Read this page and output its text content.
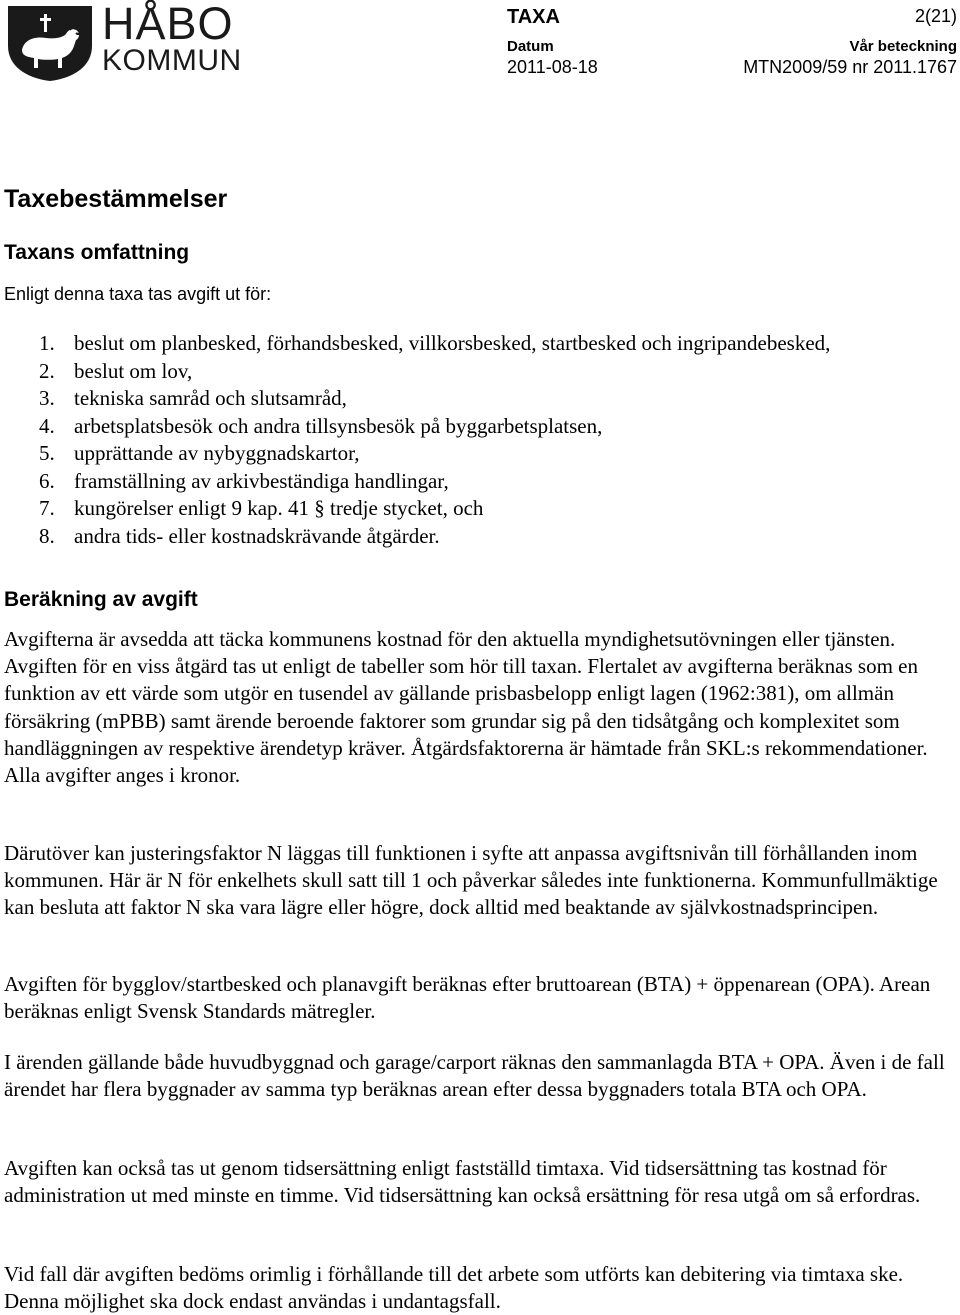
HÅBO
KOMMUN
TAXA	2(21)
Datum	Vår beteckning
2011-08-18	MTN2009/59 nr 2011.1767
Taxebestämmelser
Taxans omfattning
Enligt denna taxa tas avgift ut för:
1. beslut om planbesked, förhandsbesked, villkorsbesked, startbesked och ingripandebesked,
2. beslut om lov,
3. tekniska samråd och slutsamråd,
4. arbetsplatsbesök och andra tillsynsbesök på byggarbetsplatsen,
5. upprättande av nybyggnadskartor,
6. framställning av arkivbeständiga handlingar,
7. kungörelser enligt 9 kap. 41 § tredje stycket, och
8. andra tids- eller kostnadskrävande åtgärder.
Beräkning av avgift

Avgifterna är avsedda att täcka kommunens kostnad för den aktuella myndighetsutövningen eller tjänsten. Avgiften för en viss åtgärd tas ut enligt de tabeller som hör till taxan. Flertalet av avgifterna beräknas som en funktion av ett värde som utgör en tusendel av gällande prisbasbelopp enligt lagen (1962:381), om allmän försäkring (mPBB) samt ärende beroende faktorer som grundar sig på den tidsåtgång och komplexitet som handläggningen av respektive ärendetyp kräver. Åtgärdsfaktorerna är hämtade från SKL:s rekommendationer. Alla avgifter anges i kronor.

Därutöver kan justeringsfaktor N läggas till funktionen i syfte att anpassa avgiftsnivån till förhållanden inom kommunen. Här är N för enkelhets skull satt till 1 och påverkar således inte funktionerna. Kommunfullmäktige kan besluta att faktor N ska vara lägre eller högre, dock alltid med beaktande av självkostnadsprincipen.

Avgiften för bygglov/startbesked och planavgift beräknas efter bruttoarean (BTA) + öppenarean (OPA). Arean beräknas enligt Svensk Standards mätregler.

I ärenden gällande både huvudbyggnad och garage/carport räknas den sammanlagda BTA + OPA. Även i de fall ärendet har flera byggnader av samma typ beräknas arean efter dessa byggnaders totala BTA och OPA.

Avgiften kan också tas ut genom tidsersättning enligt fastställd timtaxa. Vid tidsersättning tas kostnad för administration ut med minste en timme. Vid tidsersättning kan också ersättning för resa utgå om så erfordras.

Vid fall där avgiften bedöms orimlig i förhållande till det arbete som utförts kan debitering via timtaxa ske. Denna möjlighet ska dock endast användas i undantagsfall.
